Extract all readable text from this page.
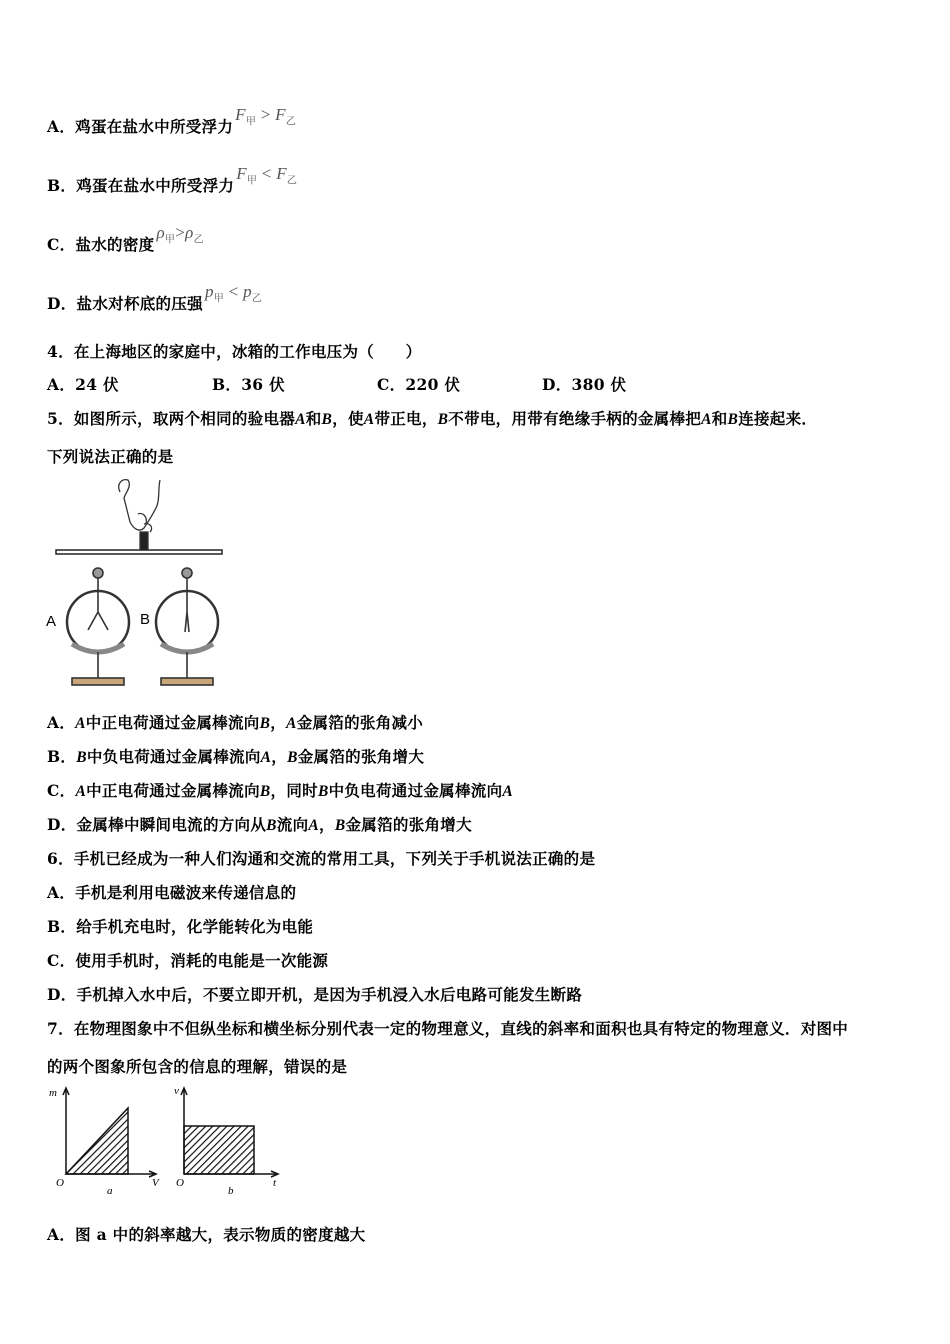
A．鸡蛋在盐水中所受浮力$F_甲 > F_乙$
B．鸡蛋在盐水中所受浮力$F_甲 < F_乙$
C．盐水的密度$\rho_甲>\rho_乙$
D．盐水对杯底的压强$p_甲 < p_乙$
4．在上海地区的家庭中，冰箱的工作电压为（　　）
A．24 伏	B．36 伏	C．220 伏	D．380 伏
5．如图所示，取两个相同的验电器A和B，使A带正电，B不带电，用带有绝缘手柄的金属棒把A和B连接起来．
下列说法正确的是
A	B
A．A中正电荷通过金属棒流向B，A金属箔的张角减小
B．B中负电荷通过金属棒流向A，B金属箔的张角增大
C．A中正电荷通过金属棒流向B，同时B中负电荷通过金属棒流向A
D．金属棒中瞬间电流的方向从B流向A，B金属箔的张角增大
6．手机已经成为一种人们沟通和交流的常用工具，下列关于手机说法正确的是
A．手机是利用电磁波来传递信息的
B．给手机充电时，化学能转化为电能
C．使用手机时，消耗的电能是一次能源
D．手机掉入水中后，不要立即开机，是因为手机浸入水后电路可能发生断路
7．在物理图象中不但纵坐标和横坐标分别代表一定的物理意义，直线的斜率和面积也具有特定的物理意义．对图中
的两个图象所包含的信息的理解，错误的是
m
V
O
a
v
t
O
b
A．图 a 中的斜率越大，表示物质的密度越大
